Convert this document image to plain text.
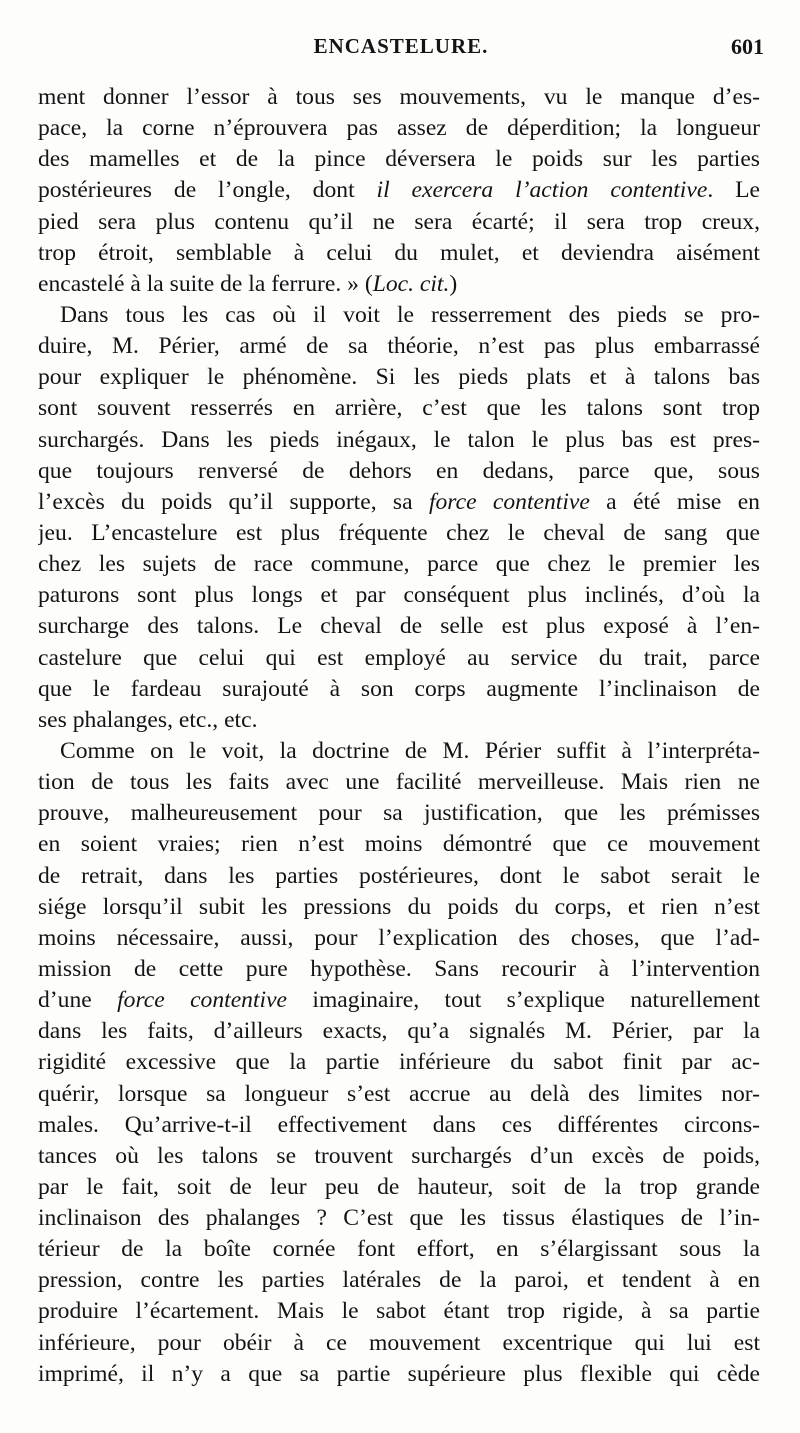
ENCASTELURE.	601
ment donner l’essor à tous ses mouvements, vu le manque d’es-
pace, la corne n’éprouvera pas assez de déperdition; la longueur
des mamelles et de la pince déversera le poids sur les parties
postérieures de l’ongle, dont il exercera l’action contentive. Le
pied sera plus contenu qu’il ne sera écarté; il sera trop creux,
trop étroit, semblable à celui du mulet, et deviendra aisément
encastelé à la suite de la ferrure. » (Loc. cit.)
Dans tous les cas où il voit le resserrement des pieds se pro-
duire, M. Périer, armé de sa théorie, n’est pas plus embarrassé
pour expliquer le phénomène. Si les pieds plats et à talons bas
sont souvent resserrés en arrière, c’est que les talons sont trop
surchargés. Dans les pieds inégaux, le talon le plus bas est pres-
que toujours renversé de dehors en dedans, parce que, sous
l’excès du poids qu’il supporte, sa force contentive a été mise en
jeu. L’encastelure est plus fréquente chez le cheval de sang que
chez les sujets de race commune, parce que chez le premier les
paturons sont plus longs et par conséquent plus inclinés, d’où la
surcharge des talons. Le cheval de selle est plus exposé à l’en-
castelure que celui qui est employé au service du trait, parce
que le fardeau surajouté à son corps augmente l’inclinaison de
ses phalanges, etc., etc.
Comme on le voit, la doctrine de M. Périer suffit à l’interpréta-
tion de tous les faits avec une facilité merveilleuse. Mais rien ne
prouve, malheureusement pour sa justification, que les prémisses
en soient vraies; rien n’est moins démontré que ce mouvement
de retrait, dans les parties postérieures, dont le sabot serait le
siége lorsqu’il subit les pressions du poids du corps, et rien n’est
moins nécessaire, aussi, pour l’explication des choses, que l’ad-
mission de cette pure hypothèse. Sans recourir à l’intervention
d’une force contentive imaginaire, tout s’explique naturellement
dans les faits, d’ailleurs exacts, qu’a signalés M. Périer, par la
rigidité excessive que la partie inférieure du sabot finit par ac-
quérir, lorsque sa longueur s’est accrue au delà des limites nor-
males. Qu’arrive-t-il effectivement dans ces différentes circons-
tances où les talons se trouvent surchargés d’un excès de poids,
par le fait, soit de leur peu de hauteur, soit de la trop grande
inclinaison des phalanges ? C’est que les tissus élastiques de l’in-
térieur de la boîte cornée font effort, en s’élargissant sous la
pression, contre les parties latérales de la paroi, et tendent à en
produire l’écartement. Mais le sabot étant trop rigide, à sa partie
inférieure, pour obéir à ce mouvement excentrique qui lui est
imprimé, il n’y a que sa partie supérieure plus flexible qui cède
